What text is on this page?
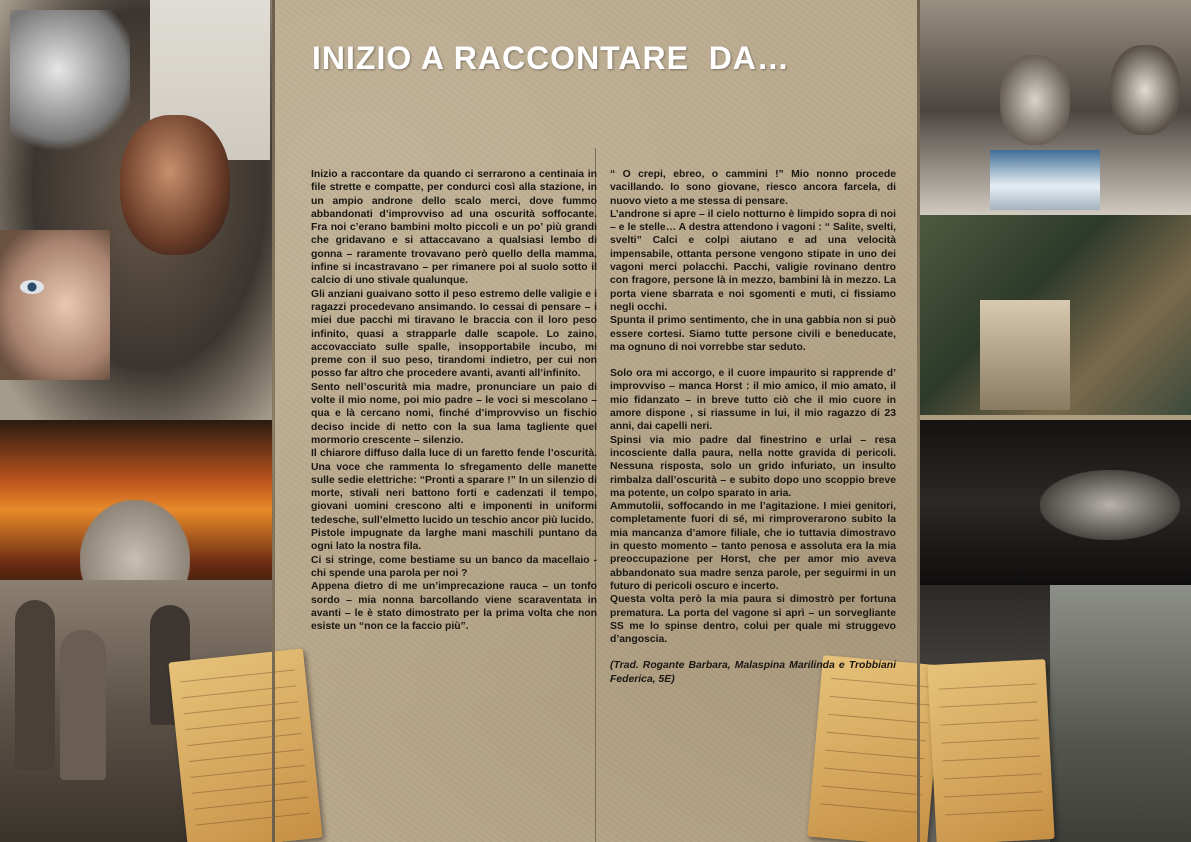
INIZIO A RACCONTARE  DA…

Inizio a raccontare da quando ci serrarono a centinaia in file strette e compatte, per condurci così alla stazione, in un ampio androne dello scalo merci, dove fummo abbandonati d’improvviso ad una oscurità soffocante. Fra noi c’erano bambini molto piccoli e un po’ più grandi che gridavano e si attaccavano a qualsiasi lembo di gonna – raramente trovavano però quello della mamma, infine si incastravano – per rimanere poi al suolo sotto il calcio di uno stivale qualunque.

Gli anziani guaivano sotto il peso estremo delle valigie e i ragazzi procedevano ansimando. Io cessai di pensare – i miei due pacchi mi tiravano le braccia con il loro peso infinito, quasi a strapparle dalle scapole. Lo zaino, accovacciato sulle spalle, insopportabile incubo, mi preme con il suo peso, tirandomi indietro, per cui non posso far altro che procedere avanti, avanti all’infinito.

Sento nell’oscurità mia madre, pronunciare un paio di volte il mio nome, poi mio padre – le voci si mescolano – qua e là cercano nomi, finché d’improvviso un fischio deciso incide di netto con la sua lama tagliente quel mormorio crescente – silenzio.

Il chiarore diffuso dalla luce di un faretto fende l’oscurità. Una voce che rammenta lo sfregamento delle manette sulle sedie elettriche: “Pronti a sparare !” In un silenzio di morte, stivali neri battono forti e cadenzati il tempo, giovani uomini crescono alti e imponenti in uniformi tedesche, sull’elmetto lucido un teschio ancor più lucido.

Pistole impugnate da larghe mani maschili puntano da ogni lato la nostra fila.

Ci si stringe, come bestiame su un banco da macellaio - chi spende una parola per noi ?

Appena dietro di me un’imprecazione rauca – un tonfo sordo – mia nonna barcollando viene scaraventata in avanti – le è stato dimostrato per la prima volta che non esiste un “non ce la faccio più”.

“ O crepi, ebreo, o cammini !” Mio nonno procede vacillando. Io sono giovane, riesco ancora farcela, di nuovo vieto a me stessa di pensare.

L’androne si apre – il cielo notturno è limpido sopra di noi – e le stelle… A destra attendono i vagoni : “ Salite, svelti, svelti” Calci e colpi aiutano e ad una velocità impensabile, ottanta persone vengono stipate in uno dei vagoni merci polacchi. Pacchi, valigie rovinano dentro con fragore, persone là in mezzo, bambini là in mezzo. La porta viene sbarrata e noi sgomenti e muti, ci fissiamo negli occhi.

Spunta il primo sentimento, che in una gabbia non si può essere cortesi. Siamo tutte persone civili e beneducate, ma ognuno di noi vorrebbe star seduto.

Solo ora mi accorgo, e il cuore impaurito si rapprende d’ improvviso – manca Horst : il mio amico, il mio amato, il mio fidanzato – in breve tutto ciò che il mio cuore in amore dispone , si riassume in lui, il mio ragazzo di 23 anni, dai capelli neri.

Spinsi via mio padre dal finestrino e urlai – resa incosciente dalla paura, nella notte gravida di pericoli. Nessuna risposta, solo un grido infuriato, un insulto rimbalza dall’oscurità – e subito dopo uno scoppio breve ma potente, un colpo sparato in aria.

Ammutolii, soffocando in me l’agitazione. I miei genitori, completamente fuori di sé, mi rimproverarono subito la mia mancanza d’amore filiale, che io tuttavia dimostravo in questo momento – tanto penosa e assoluta era la mia preoccupazione per Horst, che per amor mio aveva abbandonato sua madre senza parole, per seguirmi in un futuro di pericoli oscuro e incerto.

Questa volta però la mia paura si dimostrò per fortuna prematura. La porta del vagone si aprì – un sorvegliante SS me lo spinse dentro, colui per quale mi struggevo d’angoscia.

(Trad. Rogante Barbara, Malaspina Marilinda e Trobbiani Federica, 5E)
